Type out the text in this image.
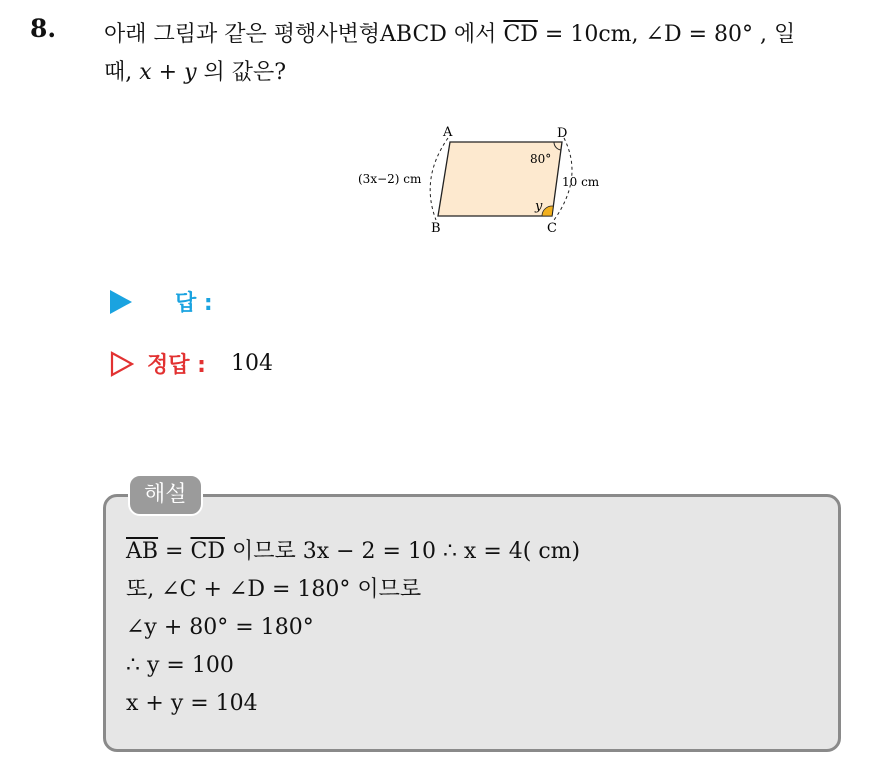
8. 아래 그림과 같은 평행사변형ABCD 에서 $\overline{CD} = 10cm$, ∠D = 80° , 일
때, x + y 의 값은?
A	D
B	C
80°
y
(3x−2) cm	10 cm
답 :
정답 : 104
해설
$\overline{AB} = \overline{CD}$ 이므로 3x − 2 = 10 ∴ x = 4( cm)
또, ∠C + ∠D = 180° 이므로
∠y + 80° = 180°
∴ y = 100
x + y = 104
